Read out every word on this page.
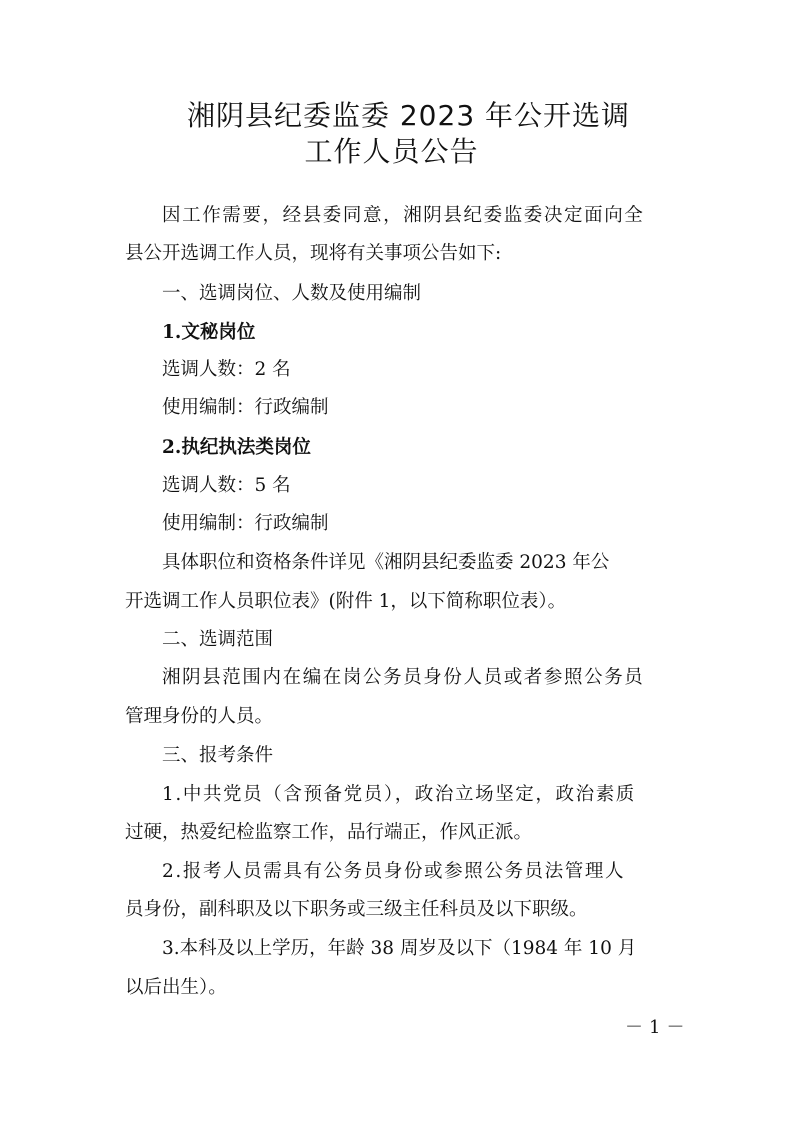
湘阴县纪委监委 2023 年公开选调
工作人员公告
因工作需要，经县委同意，湘阴县纪委监委决定面向全
县公开选调工作人员，现将有关事项公告如下:
一、选调岗位、人数及使用编制
1.文秘岗位
选调人数：2 名
使用编制：行政编制
2.执纪执法类岗位
选调人数：5 名
使用编制：行政编制
具体职位和资格条件详见《湘阴县纪委监委 2023 年公
开选调工作人员职位表》(附件 1，以下简称职位表）。
二、选调范围
湘阴县范围内在编在岗公务员身份人员或者参照公务员
管理身份的人员。
三、报考条件
1.中共党员（含预备党员），政治立场坚定，政治素质
过硬，热爱纪检监察工作，品行端正，作风正派。
2.报考人员需具有公务员身份或参照公务员法管理人
员身份，副科职及以下职务或三级主任科员及以下职级。
3.本科及以上学历，年龄 38 周岁及以下（1984 年 10 月
以后出生）。
－1－
